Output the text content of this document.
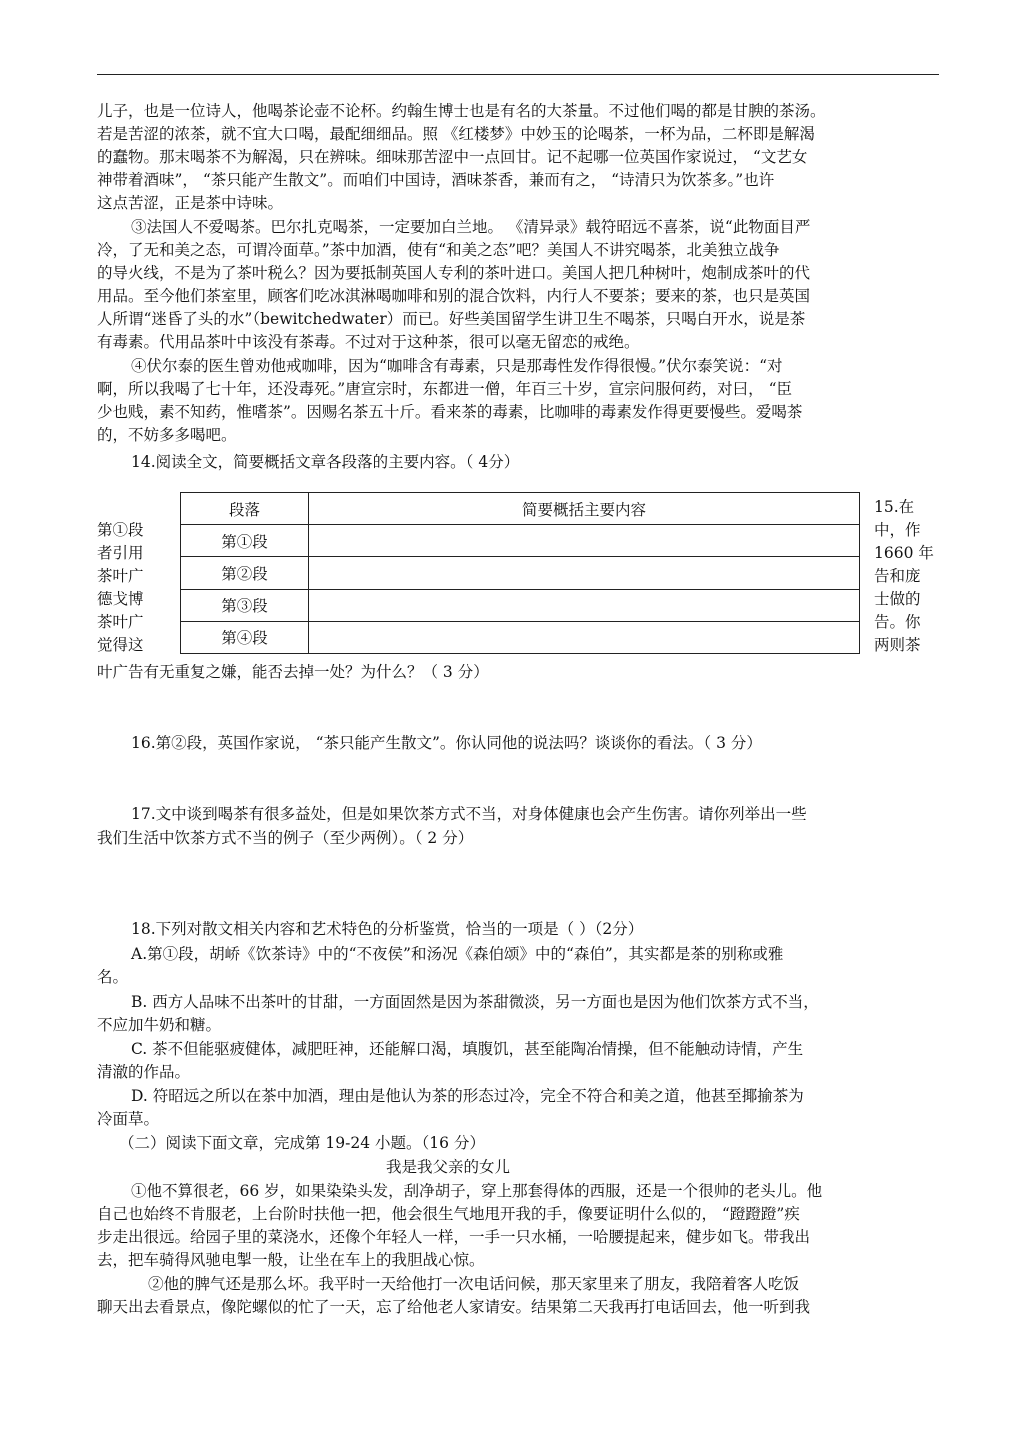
儿子，也是一位诗人，他喝茶论壶不论杯。约翰生博士也是有名的大茶量。不过他们喝的都是甘腴的茶汤。
若是苦涩的浓茶，就不宜大口喝，最配细细品。照 《红楼梦》中妙玉的论喝茶，一杯为品，二杯即是解渴
的蠢物。那末喝茶不为解渴，只在辨味。细味那苦涩中一点回甘。记不起哪一位英国作家说过， “文艺女
神带着酒味”， “茶只能产生散文”。而咱们中国诗，酒味茶香，兼而有之， “诗清只为饮茶多。”也许
这点苦涩，正是茶中诗味。
③法国人不爱喝茶。巴尔扎克喝茶，一定要加白兰地。 《清异录》载符昭远不喜茶，说“此物面目严
冷，了无和美之态，可谓冷面草。”茶中加酒，使有“和美之态”吧？美国人不讲究喝茶，北美独立战争
的导火线，不是为了茶叶税么？因为要抵制英国人专利的茶叶进口。美国人把几种树叶，炮制成茶叶的代
用品。至今他们茶室里，顾客们吃冰淇淋喝咖啡和别的混合饮料，内行人不要茶；要来的茶，也只是英国
人所谓“迷昏了头的水”（bewitchedwater）而已。好些美国留学生讲卫生不喝茶，只喝白开水，说是茶
有毒素。代用品茶叶中该没有茶毒。不过对于这种茶，很可以毫无留恋的戒绝。
④伏尔泰的医生曾劝他戒咖啡，因为“咖啡含有毒素，只是那毒性发作得很慢。”伏尔泰笑说：“对
啊，所以我喝了七十年，还没毒死。”唐宣宗时，东都进一僧，年百三十岁，宣宗问服何药，对曰， “臣
少也贱，素不知药，惟嗜茶”。因赐名茶五十斤。看来茶的毒素，比咖啡的毒素发作得更要慢些。爱喝茶
的，不妨多多喝吧。
14.阅读全文，简要概括文章各段落的主要内容。（ 4分）
段落	简要概括主要内容
第①段	
第②段	
第③段	
第④段	
第①段
者引用
茶叶广
德戈博
茶叶广
觉得这
15.在
中，作
1660 年
告和庞
士做的
告。你
两则茶
叶广告有无重复之嫌，能否去掉一处？为什么？（ 3 分）
16.第②段，英国作家说， “茶只能产生散文”。你认同他的说法吗？谈谈你的看法。（ 3 分）
17.文中谈到喝茶有很多益处，但是如果饮茶方式不当，对身体健康也会产生伤害。请你列举出一些
我们生活中饮茶方式不当的例子（至少两例）。（ 2 分）
18.下列对散文相关内容和艺术特色的分析鉴赏，恰当的一项是（ ）（2分）
A.第①段，胡峤《饮茶诗》中的“不夜侯”和汤况《森伯颂》中的“森伯”，其实都是茶的别称或雅
名。
B. 西方人品味不出茶叶的甘甜，一方面固然是因为茶甜微淡，另一方面也是因为他们饮茶方式不当，
不应加牛奶和糖。
C. 茶不但能驱疲健体，减肥旺神，还能解口渴，填腹饥，甚至能陶冶情操，但不能触动诗情，产生
清澈的作品。
D. 符昭远之所以在茶中加酒，理由是他认为茶的形态过冷，完全不符合和美之道，他甚至揶揄茶为
冷面草。
（二）阅读下面文章，完成第 19-24 小题。（16 分）
我是我父亲的女儿
①他不算很老，66 岁，如果染染头发，刮净胡子，穿上那套得体的西服，还是一个很帅的老头儿。他
自己也始终不肯服老，上台阶时扶他一把，他会很生气地甩开我的手，像要证明什么似的， “蹬蹬蹬”疾
步走出很远。给园子里的菜浇水，还像个年轻人一样，一手一只水桶，一哈腰提起来，健步如飞。带我出
去，把车骑得风驰电掣一般，让坐在车上的我胆战心惊。
②他的脾气还是那么坏。我平时一天给他打一次电话问候，那天家里来了朋友，我陪着客人吃饭
聊天出去看景点，像陀螺似的忙了一天，忘了给他老人家请安。结果第二天我再打电话回去，他一听到我
